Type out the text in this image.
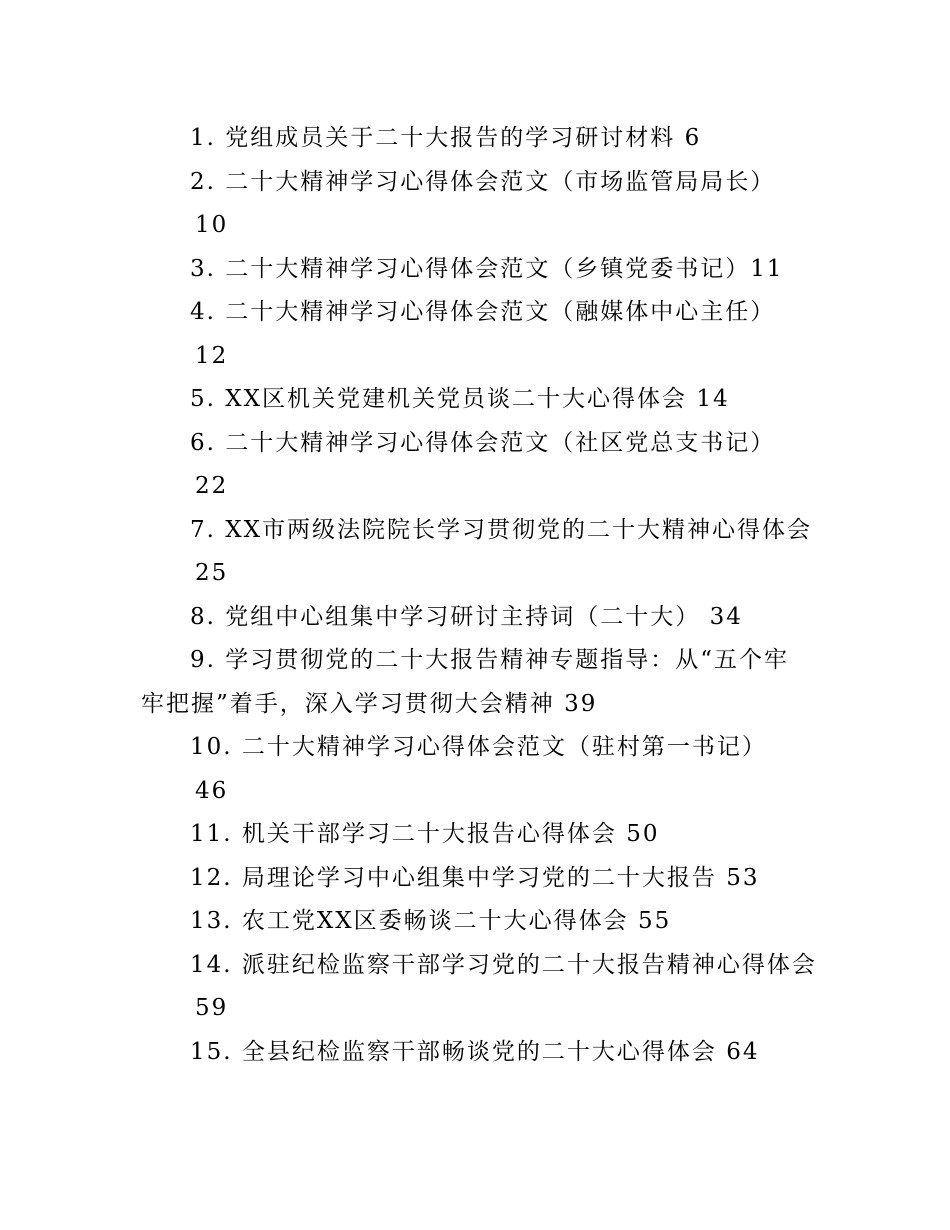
1. 党组成员关于二十大报告的学习研讨材料 6
2. 二十大精神学习心得体会范文（市场监管局局长）
10
3. 二十大精神学习心得体会范文（乡镇党委书记）11
4. 二十大精神学习心得体会范文（融媒体中心主任）
12
5. XX区机关党建机关党员谈二十大心得体会 14
6. 二十大精神学习心得体会范文（社区党总支书记）
22
7. XX市两级法院院长学习贯彻党的二十大精神心得体会
25
8. 党组中心组集中学习研讨主持词（二十大） 34
9. 学习贯彻党的二十大报告精神专题指导：从“五个牢
牢把握”着手，深入学习贯彻大会精神 39
10. 二十大精神学习心得体会范文（驻村第一书记）
46
11. 机关干部学习二十大报告心得体会 50
12. 局理论学习中心组集中学习党的二十大报告 53
13. 农工党XX区委畅谈二十大心得体会 55
14. 派驻纪检监察干部学习党的二十大报告精神心得体会
59
15. 全县纪检监察干部畅谈党的二十大心得体会 64
